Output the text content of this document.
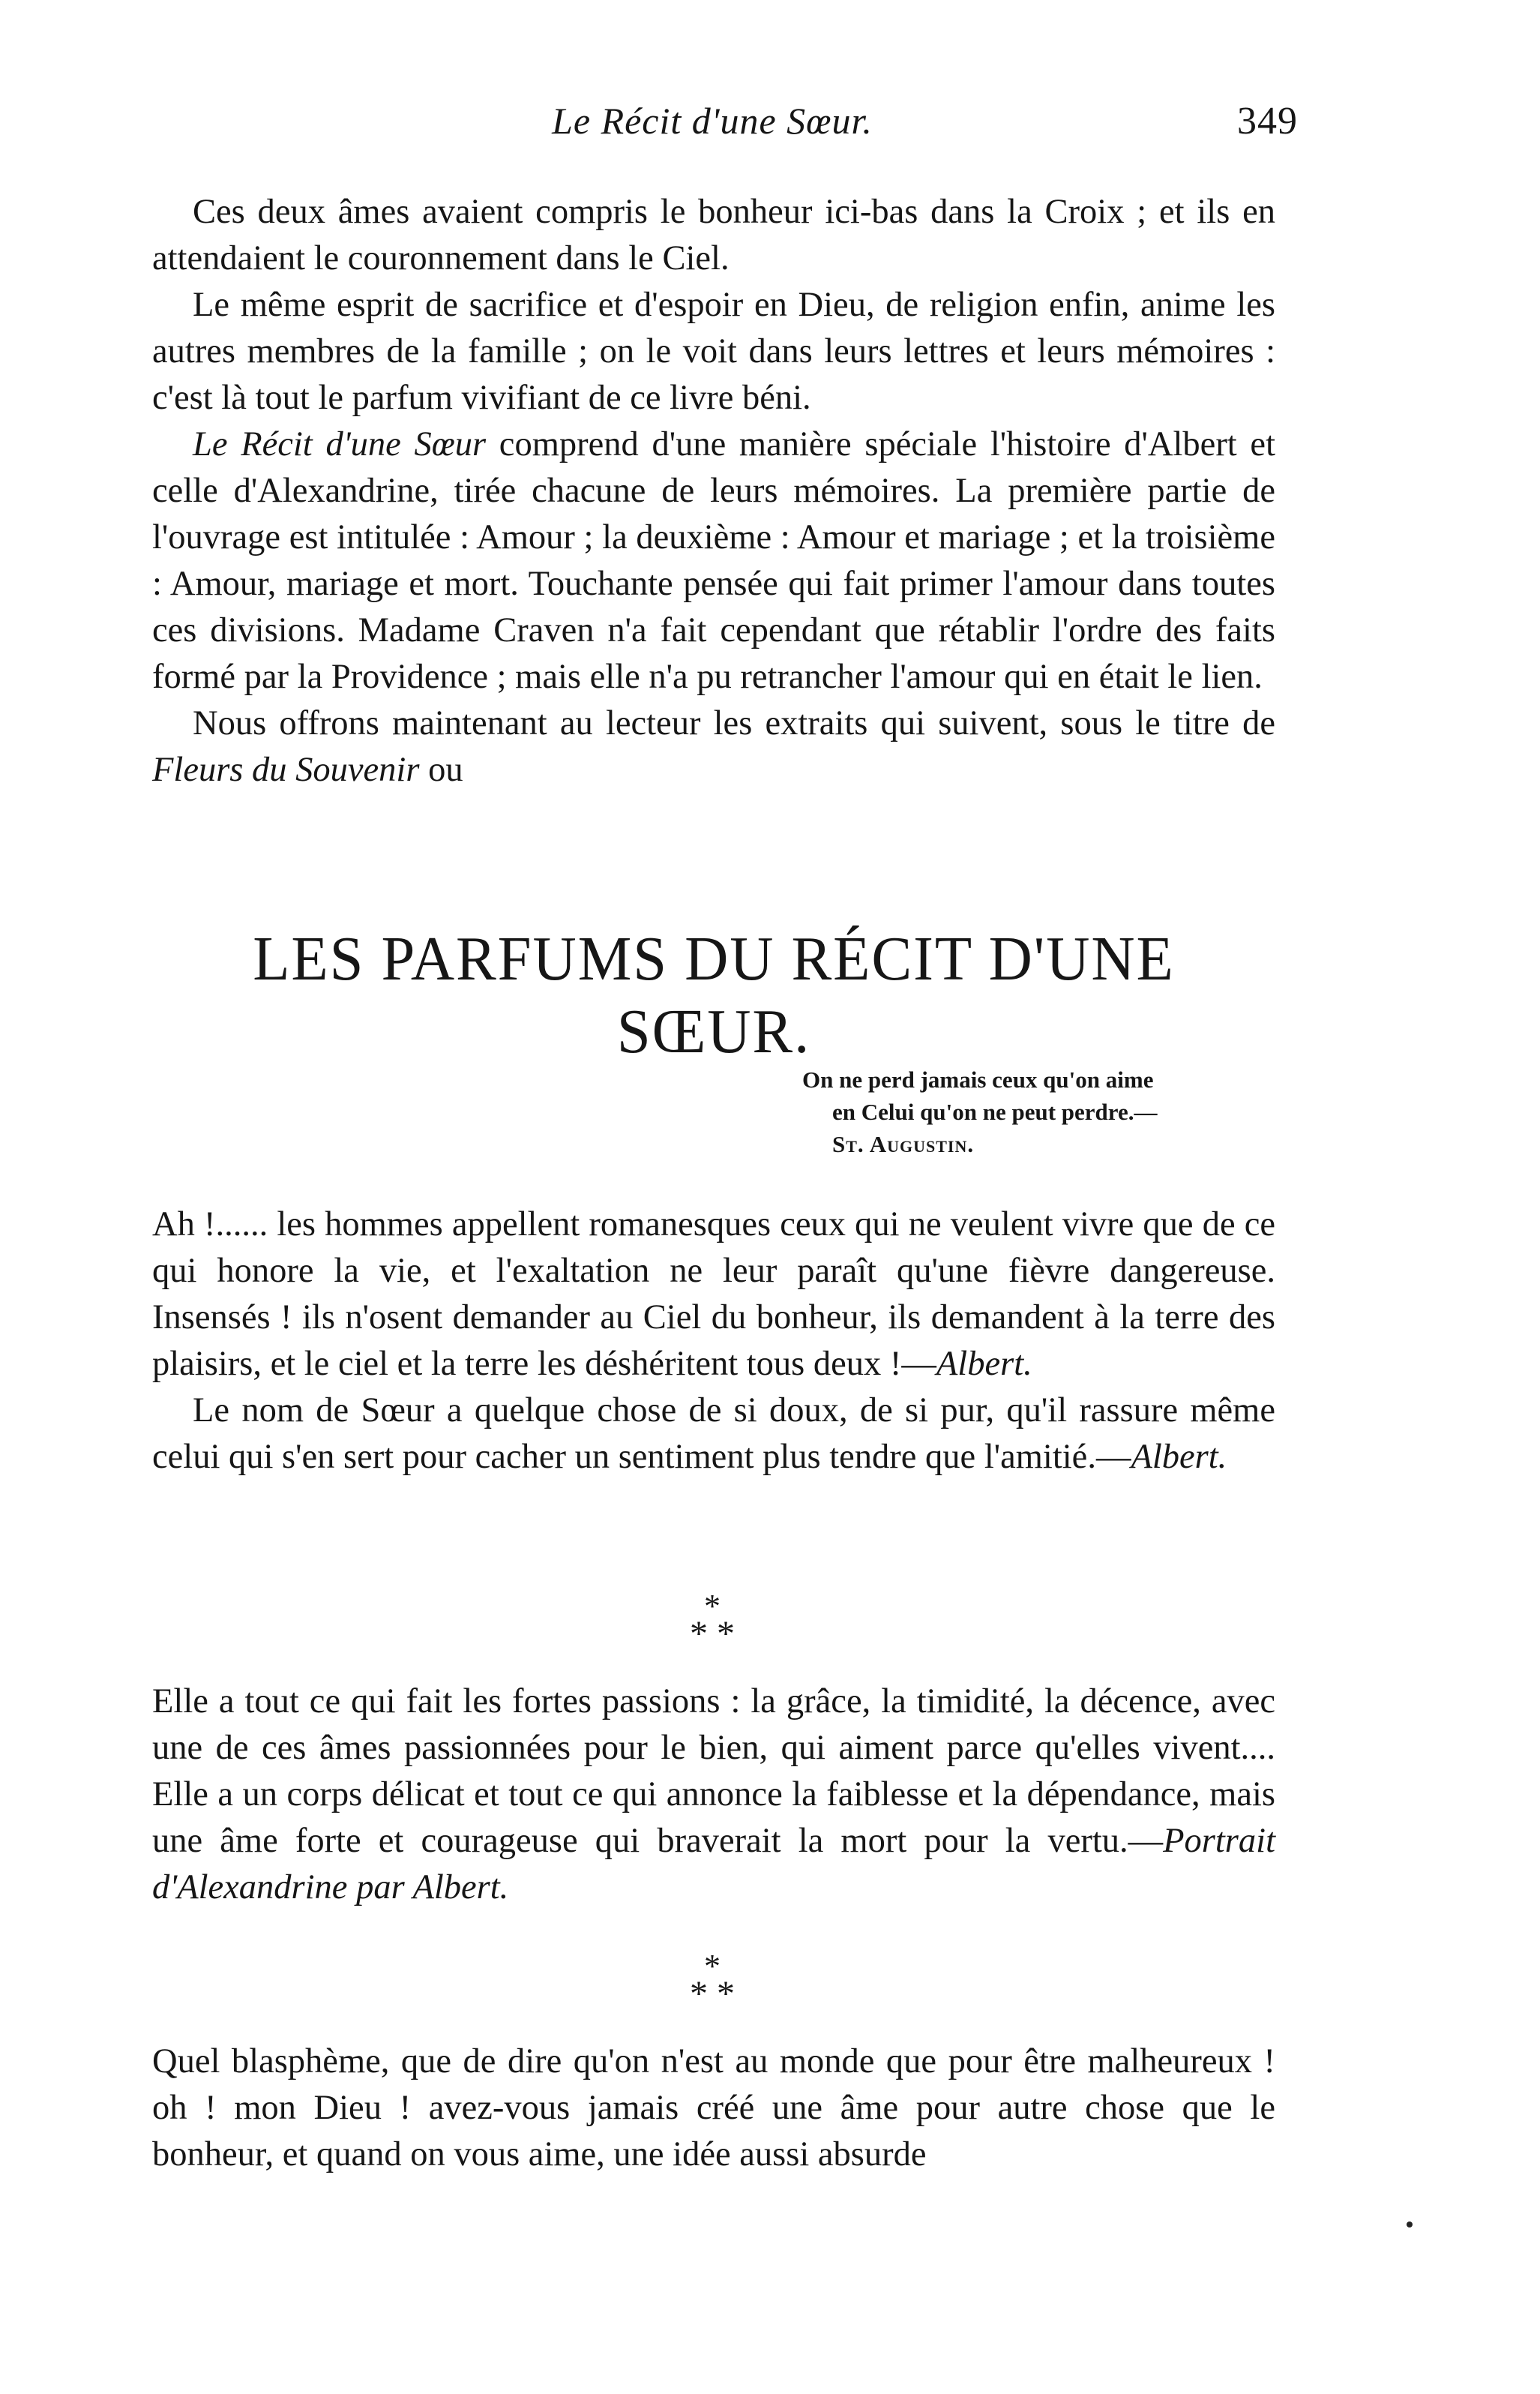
Le Récit d'une Sœur.	349

Ces deux âmes avaient compris le bonheur ici-bas dans la Croix ; et ils en attendaient le couronnement dans le Ciel.

Le même esprit de sacrifice et d'espoir en Dieu, de religion enfin, anime les autres membres de la famille ; on le voit dans leurs lettres et leurs mémoires : c'est là tout le parfum vivifiant de ce livre béni.

Le Récit d'une Sœur comprend d'une manière spéciale l'histoire d'Albert et celle d'Alexandrine, tirée chacune de leurs mémoires. La première partie de l'ouvrage est intitulée : Amour ; la deuxième : Amour et mariage ; et la troisième : Amour, mariage et mort. Touchante pensée qui fait primer l'amour dans toutes ces divisions. Madame Craven n'a fait cependant que rétablir l'ordre des faits formé par la Providence ; mais elle n'a pu retrancher l'amour qui en était le lien.

Nous offrons maintenant au lecteur les extraits qui suivent, sous le titre de Fleurs du Souvenir ou

LES PARFUMS DU RÉCIT D'UNE SŒUR.
On ne perd jamais ceux qu'on aime
en Celui qu'on ne peut perdre.—
St. Augustin.

Ah !...... les hommes appellent romanesques ceux qui ne veulent vivre que de ce qui honore la vie, et l'exaltation ne leur paraît qu'une fièvre dangereuse. Insensés ! ils n'osent demander au Ciel du bonheur, ils demandent à la terre des plaisirs, et le ciel et la terre les déshéritent tous deux !—Albert.

Le nom de Sœur a quelque chose de si doux, de si pur, qu'il rassure même celui qui s'en sert pour cacher un sentiment plus tendre que l'amitié.—Albert.

*
* *

Elle a tout ce qui fait les fortes passions : la grâce, la timidité, la décence, avec une de ces âmes passionnées pour le bien, qui aiment parce qu'elles vivent.... Elle a un corps délicat et tout ce qui annonce la faiblesse et la dépendance, mais une âme forte et courageuse qui braverait la mort pour la vertu.—Portrait d'Alexandrine par Albert.

*
* *

Quel blasphème, que de dire qu'on n'est au monde que pour être malheureux ! oh ! mon Dieu ! avez-vous jamais créé une âme pour autre chose que le bonheur, et quand on vous aime, une idée aussi absurde
